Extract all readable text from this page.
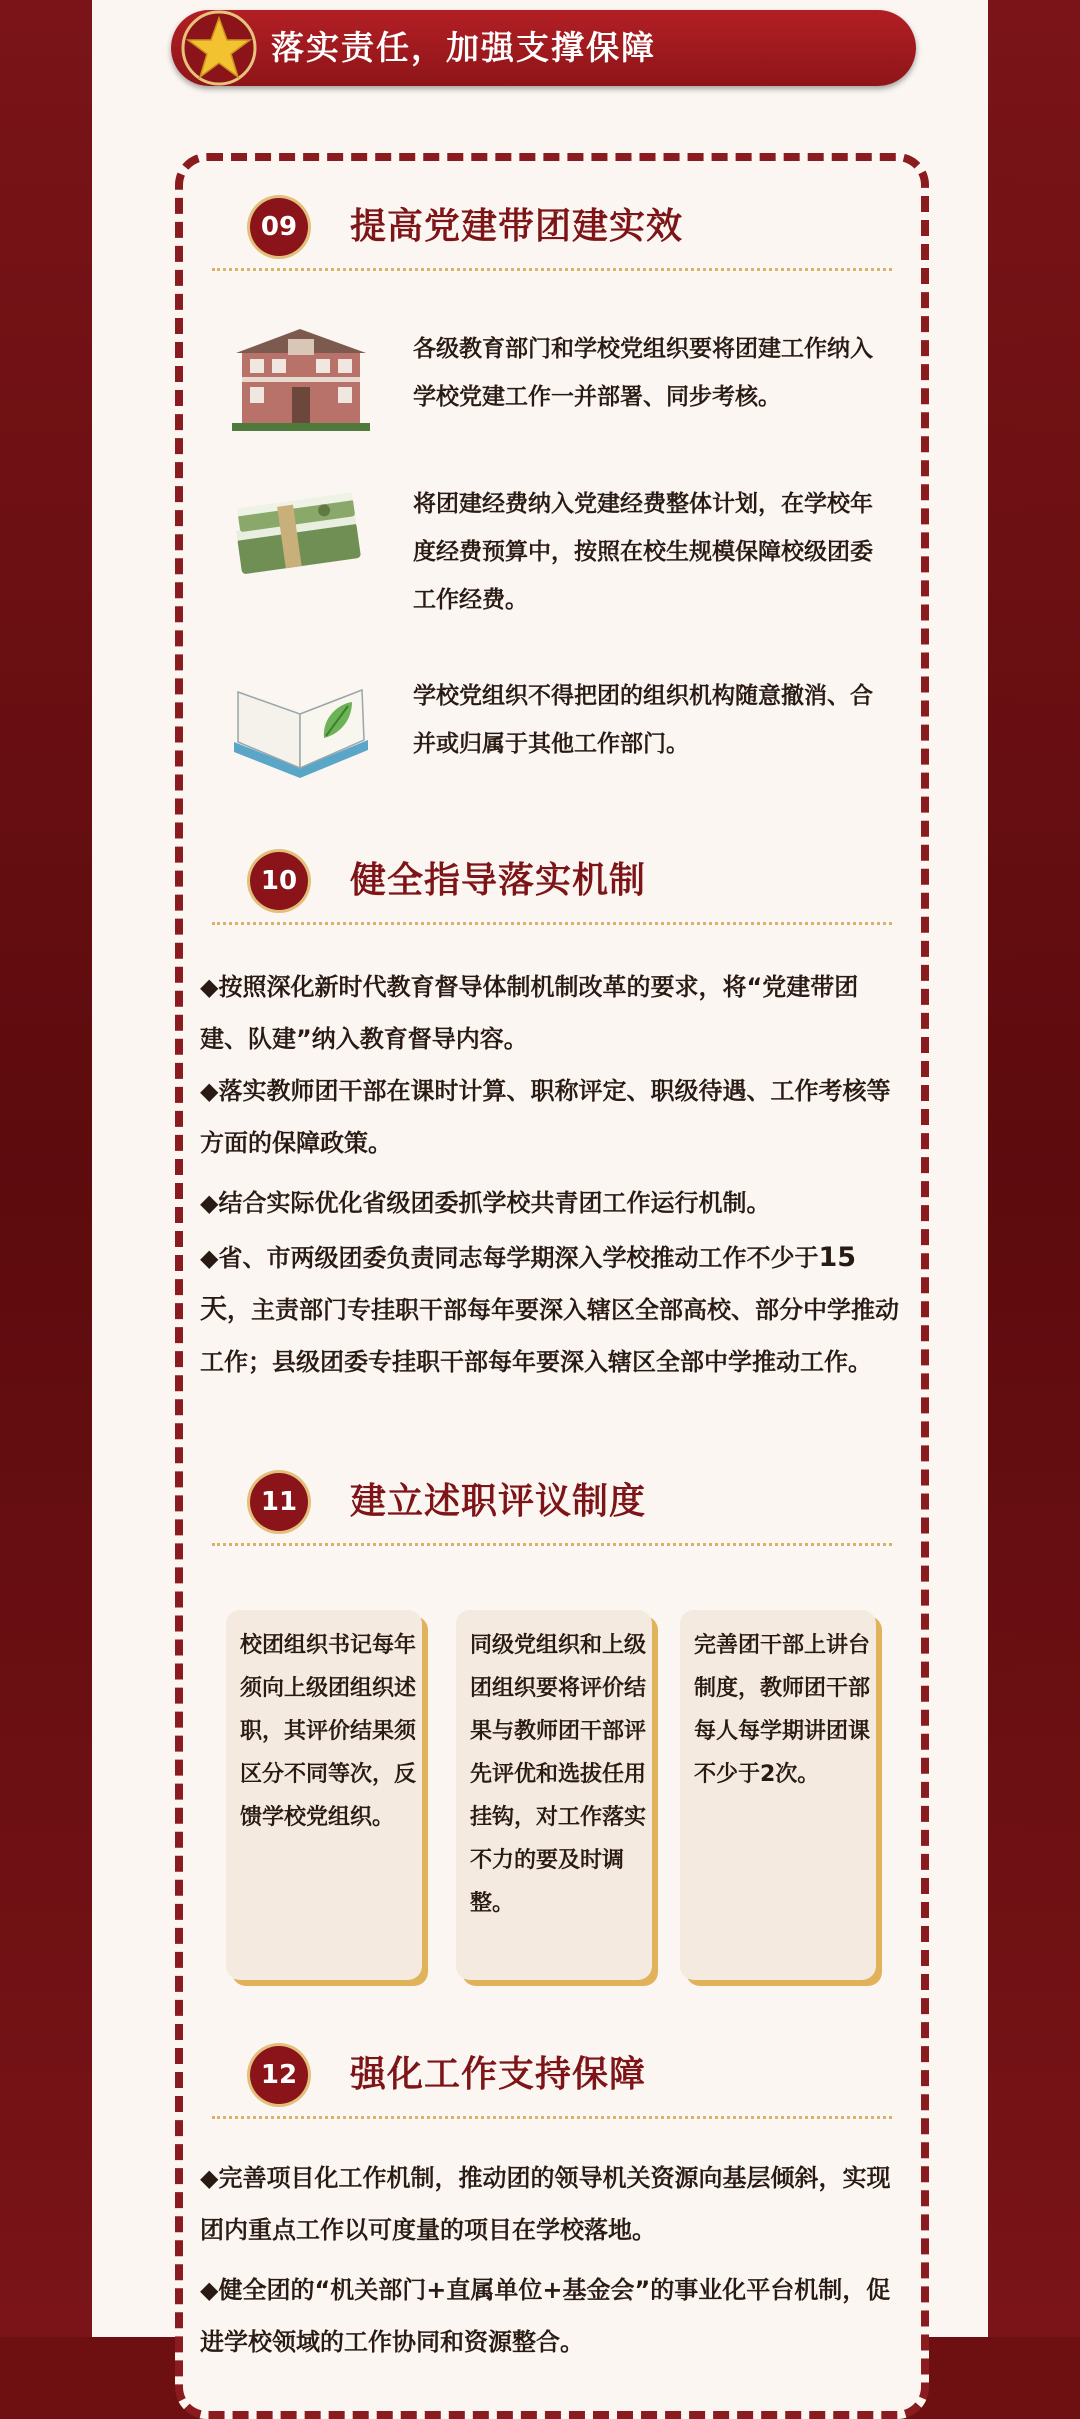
落实责任，加强支撑保障
09	提高党建带团建实效
各级教育部门和学校党组织要将团建工作纳入学校党建工作一并部署、同步考核。
将团建经费纳入党建经费整体计划，在学校年度经费预算中，按照在校生规模保障校级团委工作经费。
学校党组织不得把团的组织机构随意撤消、合并或归属于其他工作部门。
10	健全指导落实机制
◆按照深化新时代教育督导体制机制改革的要求，将“党建带团建、队建”纳入教育督导内容。
◆落实教师团干部在课时计算、职称评定、职级待遇、工作考核等方面的保障政策。
◆结合实际优化省级团委抓学校共青团工作运行机制。
◆省、市两级团委负责同志每学期深入学校推动工作不少于15天，主责部门专挂职干部每年要深入辖区全部高校、部分中学推动工作；县级团委专挂职干部每年要深入辖区全部中学推动工作。
11	建立述职评议制度
校团组织书记每年须向上级团组织述职，其评价结果须区分不同等次，反馈学校党组织。
同级党组织和上级团组织要将评价结果与教师团干部评先评优和选拔任用挂钩，对工作落实不力的要及时调整。
完善团干部上讲台制度，教师团干部每人每学期讲团课不少于2次。
12	强化工作支持保障
◆完善项目化工作机制，推动团的领导机关资源向基层倾斜，实现团内重点工作以可度量的项目在学校落地。
◆健全团的“机关部门+直属单位+基金会”的事业化平台机制，促进学校领域的工作协同和资源整合。
